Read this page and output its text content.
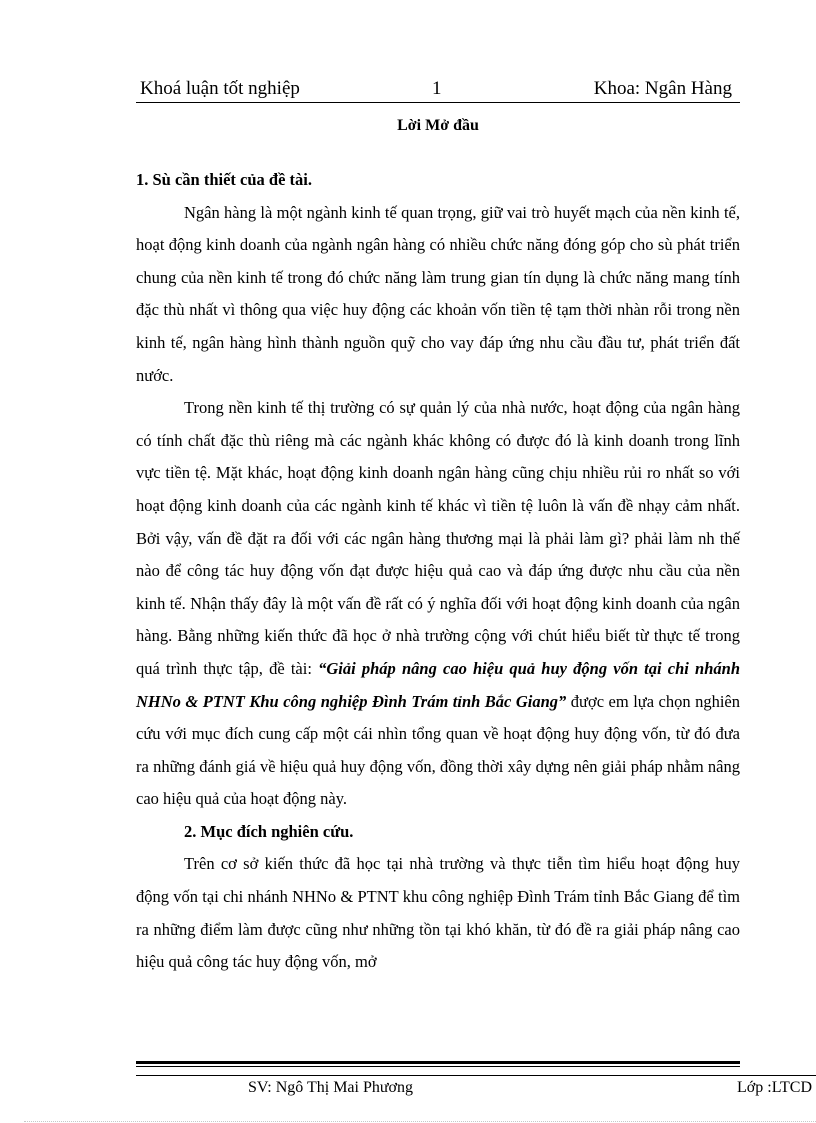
Khoá luận tốt nghiệp	1	Khoa: Ngân Hàng
Lời Mở đầu
1. Sù cần thiết của đề tài.

Ngân hàng là một ngành kinh tế quan trọng, giữ vai trò huyết mạch của nền kinh tế, hoạt động kinh doanh của ngành ngân hàng có nhiều chức năng đóng góp cho sù phát triển chung của nền kinh tế trong đó chức năng làm trung gian tín dụng là chức năng mang tính đặc thù nhất vì thông qua việc huy động các khoản vốn tiền tệ tạm thời nhàn rỗi trong nền kinh tế, ngân hàng hình thành nguồn quỹ cho vay đáp ứng nhu cầu đầu tư, phát triển đất nước.

Trong nền kinh tế thị trường có sự quản lý của nhà nước, hoạt động của ngân hàng có tính chất đặc thù riêng mà các ngành khác không có được đó là kinh doanh trong lĩnh vực tiền tệ. Mặt khác, hoạt động kinh doanh ngân hàng cũng chịu nhiều rủi ro nhất so với hoạt động kinh doanh của các ngành kinh tế khác vì tiền tệ luôn là vấn đề nhạy cảm nhất. Bởi vậy, vấn đề đặt ra đối với các ngân hàng thương mại là phải làm gì? phải làm nh thế nào để công tác huy động vốn đạt được hiệu quả cao và đáp ứng được nhu cầu của nền kinh tế. Nhận thấy đây là một vấn đề rất có ý nghĩa đối với hoạt động kinh doanh của ngân hàng. Bằng những kiến thức đã học ở nhà trường cộng với chút hiểu biết từ thực tế trong quá trình thực tập, đề tài: “Giải pháp nâng cao hiệu quả huy động vốn tại chi nhánh NHNo & PTNT Khu công nghiệp Đình Trám tỉnh Bắc Giang” được em lựa chọn nghiên cứu với mục đích cung cấp một cái nhìn tổng quan về hoạt động huy động vốn, từ đó đưa ra những đánh giá về hiệu quả huy động vốn, đồng thời xây dựng nên giải pháp nhằm nâng cao hiệu quả của hoạt động này.

2. Mục đích nghiên cứu.

Trên cơ sở kiến thức đã học tại nhà trường và thực tiễn tìm hiểu hoạt động huy động vốn tại chi nhánh NHNo & PTNT khu công nghiệp Đình Trám tỉnh Bắc Giang để tìm ra những điểm làm được cũng như những tồn tại khó khăn, từ đó đề ra giải pháp nâng cao hiệu quả công tác huy động vốn, mở

SV: Ngô Thị Mai Phương	Lớp :LTCD
